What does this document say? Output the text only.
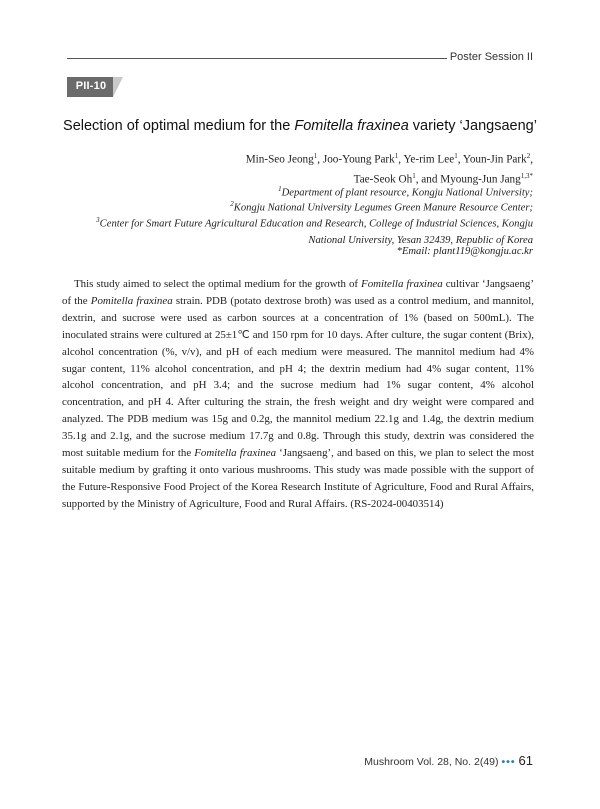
Poster Session II
PII-10
Selection of optimal medium for the Fomitella fraxinea variety ‘Jangsaeng’
Min-Seo Jeong$^1$, Joo-Young Park$^1$, Ye-rim Lee$^1$, Youn-Jin Park$^2$,
Tae-Seok Oh$^1$, and Myoung-Jun Jang$^{1,3*}$
$^1$Department of plant resource, Kongju National University;
$^2$Kongju National University Legumes Green Manure Resource Center;
$^3$Center for Smart Future Agricultural Education and Research, College of Industrial Sciences, Kongju National University, Yesan 32439, Republic of Korea
*Email: plant119@kongju.ac.kr

This study aimed to select the optimal medium for the growth of Fomitella fraxinea cultivar ‘Jangsaeng’ of the Pomitella fraxinea strain. PDB (potato dextrose broth) was used as a control medium, and mannitol, dextrin, and sucrose were used as carbon sources at a concentration of 1% (based on 500mL). The inoculated strains were cultured at 25±1℃ and 150 rpm for 10 days. After culture, the sugar content (Brix), alcohol concentration (%, v/v), and pH of each medium were measured. The mannitol medium had 4% sugar content, 11% alcohol concentration, and pH 4; the dextrin medium had 4% sugar content, 11% alcohol concentration, and pH 3.4; and the sucrose medium had 1% sugar content, 4% alcohol concentration, and pH 4. After culturing the strain, the fresh weight and dry weight were compared and analyzed. The PDB medium was 15g and 0.2g, the mannitol medium 22.1g and 1.4g, the dextrin medium 35.1g and 2.1g, and the sucrose medium 17.7g and 0.8g. Through this study, dextrin was considered the most suitable medium for the Fomitella fraxinea ‘Jangsaeng’, and based on this, we plan to select the most suitable medium by grafting it onto various mushrooms. This study was made possible with the support of the Future-Responsive Food Project of the Korea Research Institute of Agriculture, Food and Rural Affairs, supported by the Ministry of Agriculture, Food and Rural Affairs. (RS-2024-00403514)

Mushroom Vol. 28, No. 2(49) ••• 61
